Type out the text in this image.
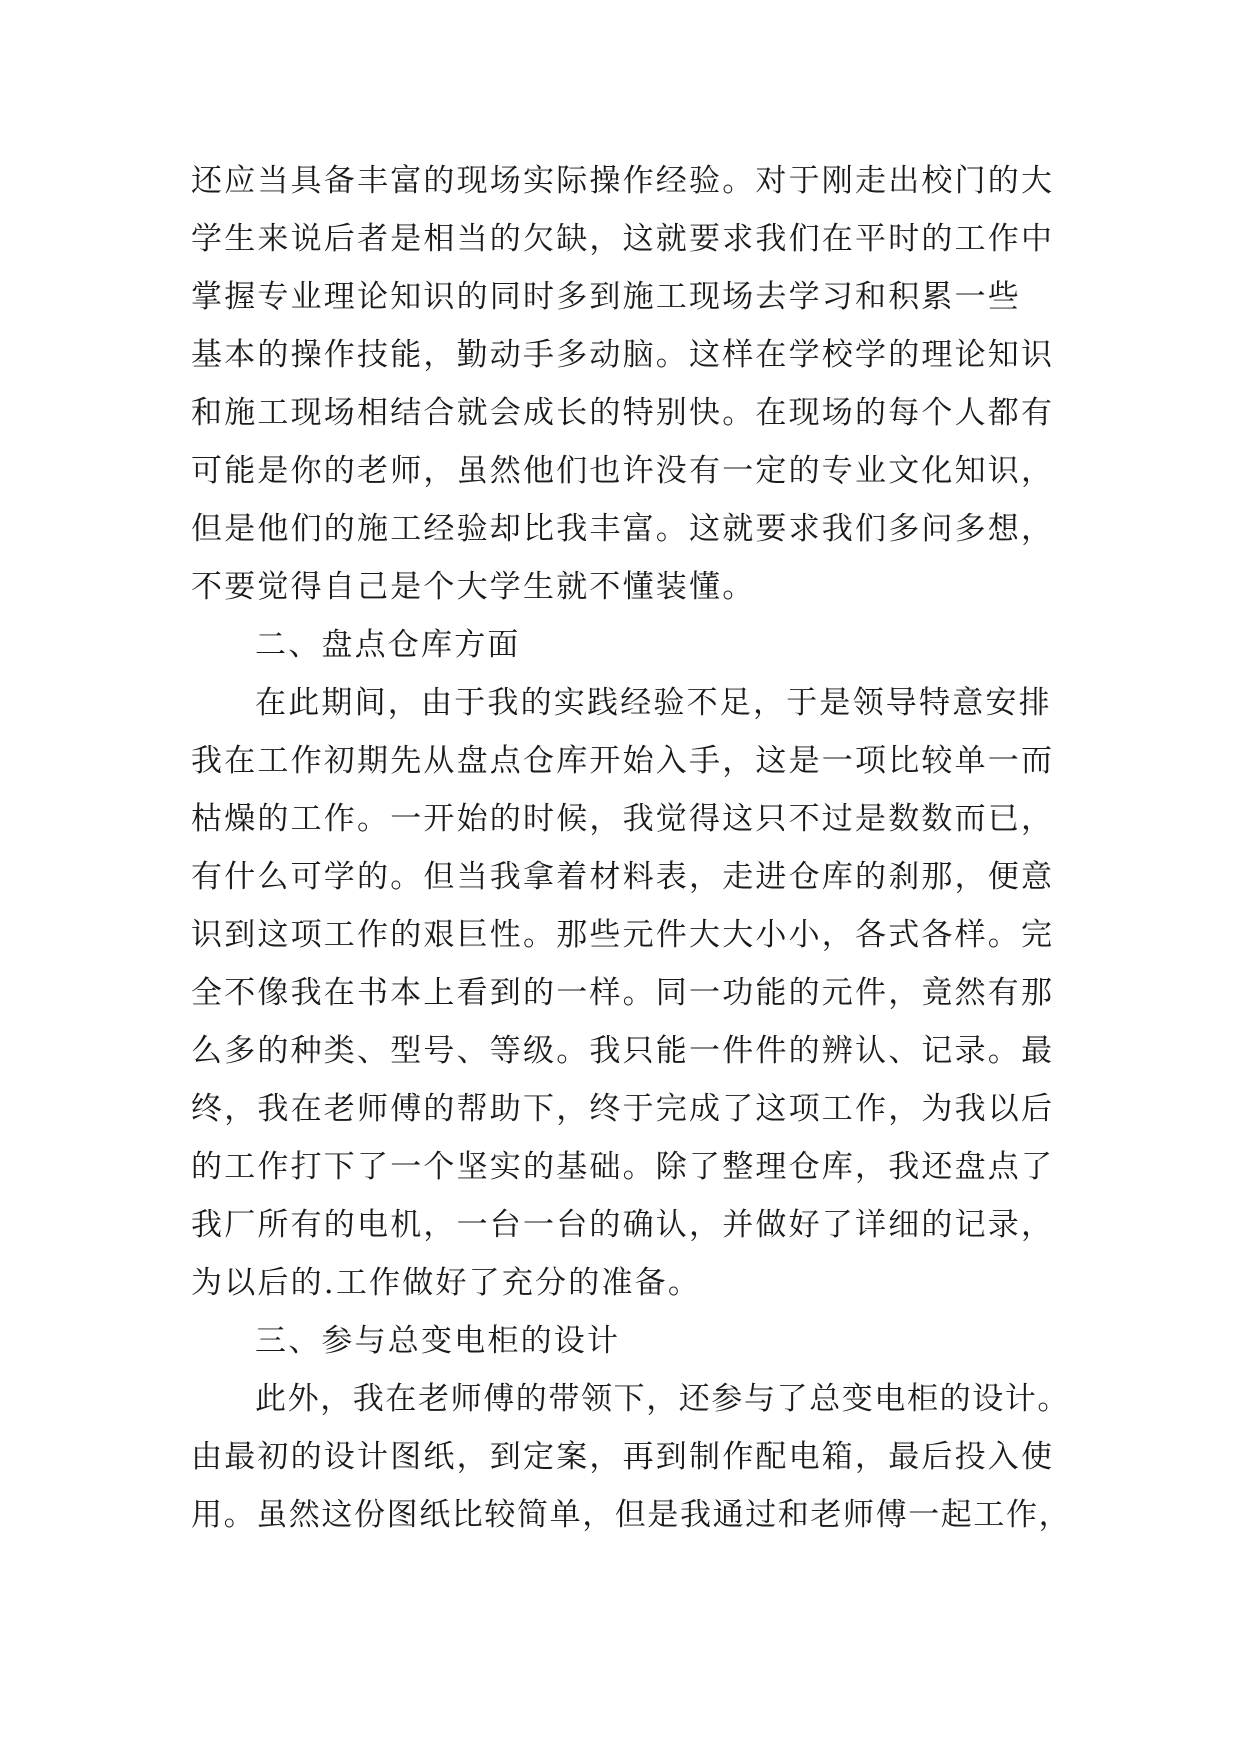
还应当具备丰富的现场实际操作经验。对于刚走出校门的大
学生来说后者是相当的欠缺，这就要求我们在平时的工作中
掌握专业理论知识的同时多到施工现场去学习和积累一些
基本的操作技能，勤动手多动脑。这样在学校学的理论知识
和施工现场相结合就会成长的特别快。在现场的每个人都有
可能是你的老师，虽然他们也许没有一定的专业文化知识，
但是他们的施工经验却比我丰富。这就要求我们多问多想，
不要觉得自己是个大学生就不懂装懂。
二、盘点仓库方面
在此期间，由于我的实践经验不足，于是领导特意安排
我在工作初期先从盘点仓库开始入手，这是一项比较单一而
枯燥的工作。一开始的时候，我觉得这只不过是数数而已，
有什么可学的。但当我拿着材料表，走进仓库的刹那，便意
识到这项工作的艰巨性。那些元件大大小小，各式各样。完
全不像我在书本上看到的一样。同一功能的元件，竟然有那
么多的种类、型号、等级。我只能一件件的辨认、记录。最
终，我在老师傅的帮助下，终于完成了这项工作，为我以后
的工作打下了一个坚实的基础。除了整理仓库，我还盘点了
我厂所有的电机，一台一台的确认，并做好了详细的记录，
为以后的.工作做好了充分的准备。
三、参与总变电柜的设计
此外，我在老师傅的带领下，还参与了总变电柜的设计。
由最初的设计图纸，到定案，再到制作配电箱，最后投入使
用。虽然这份图纸比较简单，但是我通过和老师傅一起工作，
